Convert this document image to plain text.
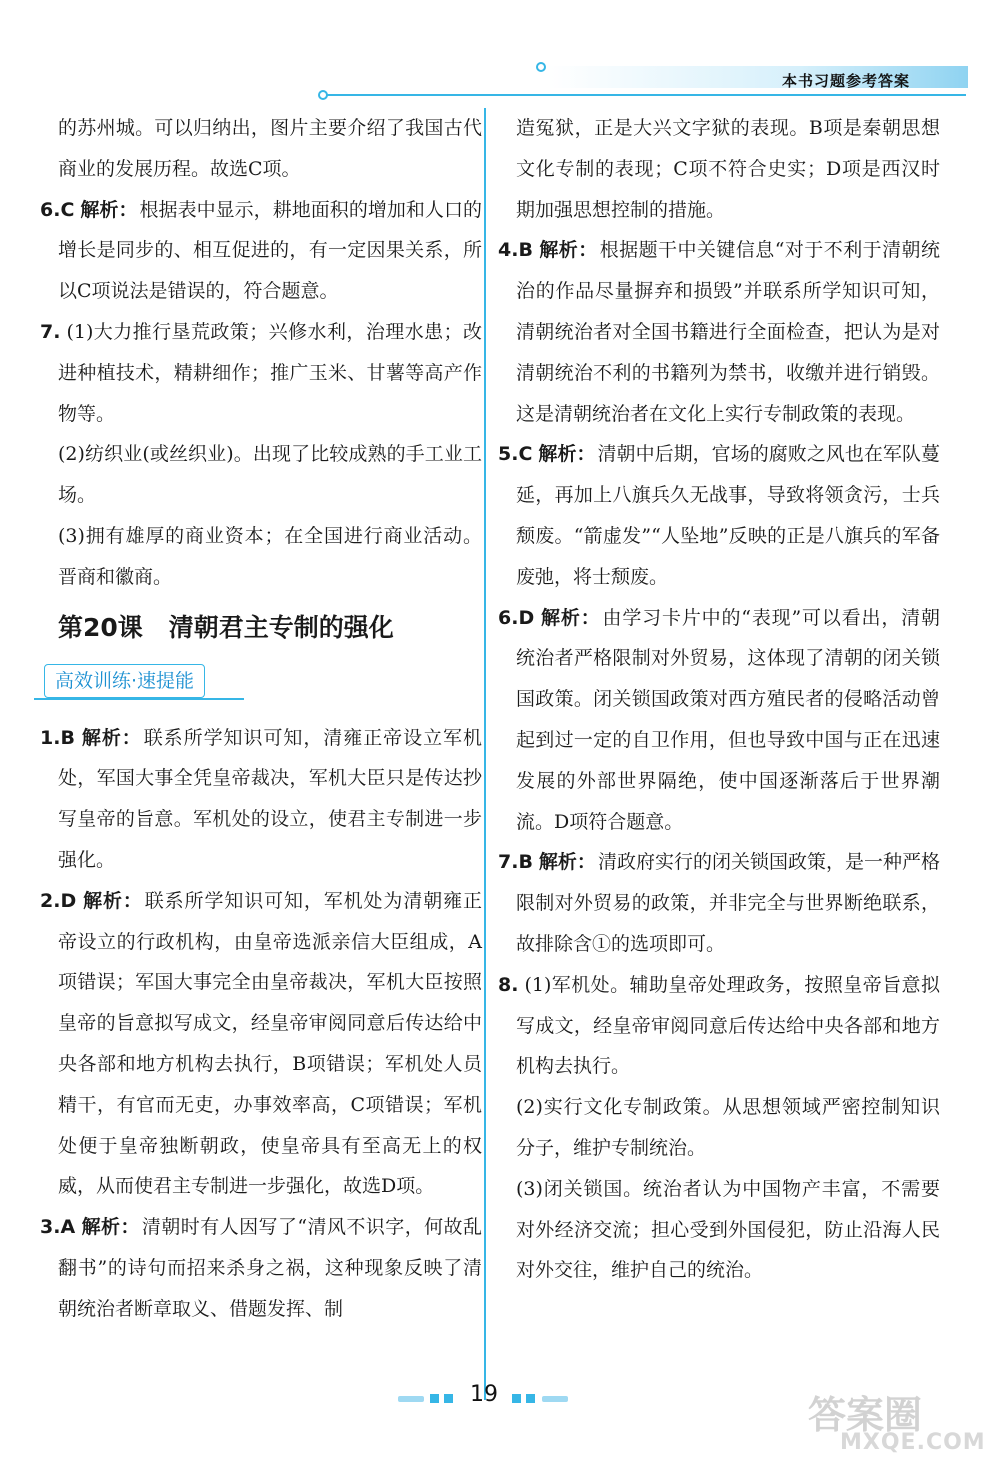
本书习题参考答案

的苏州城。可以归纳出，图片主要介绍了我国古代商业的发展历程。故选C项。

6.C 解析： 根据表中显示，耕地面积的增加和人口的增长是同步的、相互促进的，有一定因果关系，所以C项说法是错误的，符合题意。

7. (1)大力推行垦荒政策；兴修水利，治理水患；改进种植技术，精耕细作；推广玉米、甘薯等高产作物等。

(2)纺织业(或丝织业)。出现了比较成熟的手工业工场。

(3)拥有雄厚的商业资本；在全国进行商业活动。晋商和徽商。

第20课 清朝君主专制的强化
高效训练·速提能

1.B 解析： 联系所学知识可知，清雍正帝设立军机处，军国大事全凭皇帝裁决，军机大臣只是传达抄写皇帝的旨意。军机处的设立，使君主专制进一步强化。

2.D 解析： 联系所学知识可知，军机处为清朝雍正帝设立的行政机构，由皇帝选派亲信大臣组成，A项错误；军国大事完全由皇帝裁决，军机大臣按照皇帝的旨意拟写成文，经皇帝审阅同意后传达给中央各部和地方机构去执行，B项错误；军机处人员精干，有官而无吏，办事效率高，C项错误；军机处便于皇帝独断朝政，使皇帝具有至高无上的权威，从而使君主专制进一步强化，故选D项。

3.A 解析： 清朝时有人因写了“清风不识字，何故乱翻书”的诗句而招来杀身之祸，这种现象反映了清朝统治者断章取义、借题发挥、制

造冤狱，正是大兴文字狱的表现。B项是秦朝思想文化专制的表现；C项不符合史实；D项是西汉时期加强思想控制的措施。

4.B 解析： 根据题干中关键信息“对于不利于清朝统治的作品尽量摒弃和损毁”并联系所学知识可知，清朝统治者对全国书籍进行全面检查，把认为是对清朝统治不利的书籍列为禁书，收缴并进行销毁。这是清朝统治者在文化上实行专制政策的表现。

5.C 解析： 清朝中后期，官场的腐败之风也在军队蔓延，再加上八旗兵久无战事，导致将领贪污，士兵颓废。“箭虚发”“人坠地”反映的正是八旗兵的军备废弛，将士颓废。

6.D 解析： 由学习卡片中的“表现”可以看出，清朝统治者严格限制对外贸易，这体现了清朝的闭关锁国政策。闭关锁国政策对西方殖民者的侵略活动曾起到过一定的自卫作用，但也导致中国与正在迅速发展的外部世界隔绝，使中国逐渐落后于世界潮流。D项符合题意。

7.B 解析： 清政府实行的闭关锁国政策，是一种严格限制对外贸易的政策，并非完全与世界断绝联系，故排除含①的选项即可。

8. (1)军机处。辅助皇帝处理政务，按照皇帝旨意拟写成文，经皇帝审阅同意后传达给中央各部和地方机构去执行。

(2)实行文化专制政策。从思想领域严密控制知识分子，维护专制统治。

(3)闭关锁国。统治者认为中国物产丰富，不需要对外经济交流；担心受到外国侵犯，防止沿海人民对外交往，维护自己的统治。

19	答案圈
MXQE.COM
